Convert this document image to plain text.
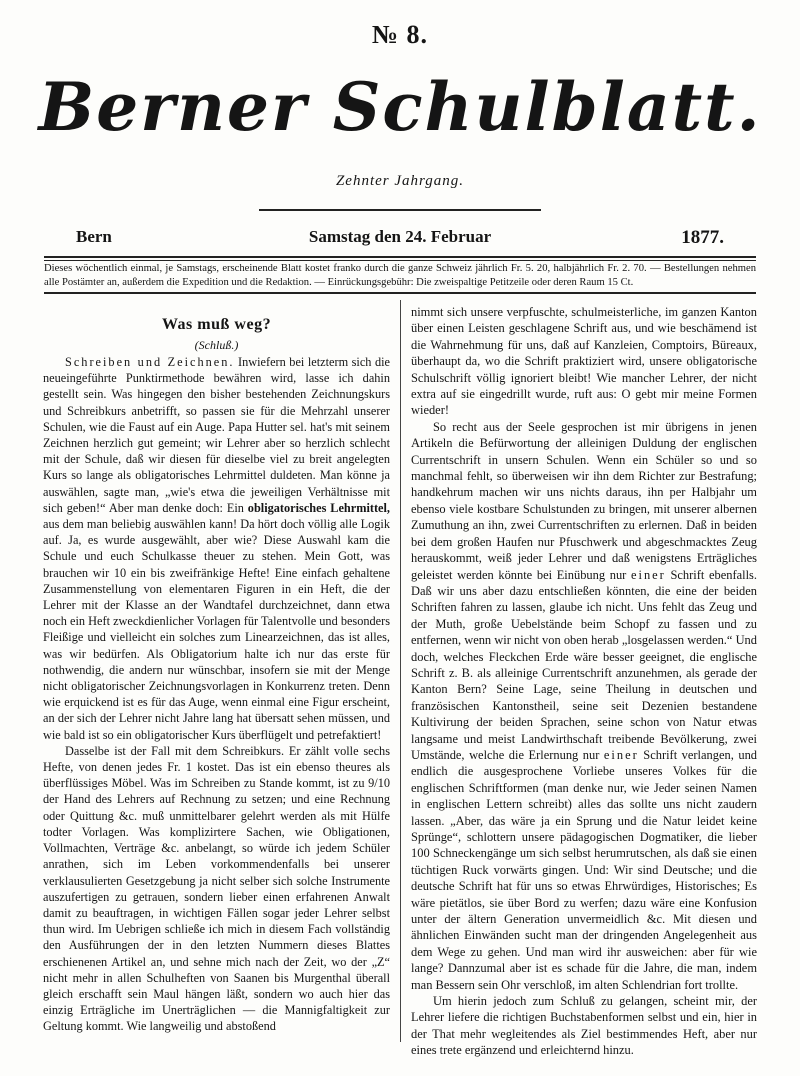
№ 8.
Berner Schulblatt.
Zehnter Jahrgang.
Bern	Samstag den 24. Februar	1877.
Dieses wöchentlich einmal, je Samstags, erscheinende Blatt kostet franko durch die ganze Schweiz jährlich Fr. 5. 20, halbjährlich Fr. 2. 70. — Bestellungen nehmen alle Postämter an, außerdem die Expedition und die Redaktion. — Einrückungsgebühr: Die zweispaltige Petitzeile oder deren Raum 15 Ct.
Was muß weg?
(Schluß.)

Schreiben und Zeichnen. Inwiefern bei letzterm sich die neueingeführte Punktirmethode bewähren wird, lasse ich dahin gestellt sein. Was hingegen den bisher bestehenden Zeichnungskurs und Schreibkurs anbetrifft, so passen sie für die Mehrzahl unserer Schulen, wie die Faust auf ein Auge. Papa Hutter sel. hat's mit seinem Zeichnen herzlich gut gemeint; wir Lehrer aber so herzlich schlecht mit der Schule, daß wir diesen für dieselbe viel zu breit angelegten Kurs so lange als obligatorisches Lehrmittel duldeten. Man könne ja auswählen, sagte man, „wie's etwa die jeweiligen Verhältnisse mit sich geben!“ Aber man denke doch: Ein obligatorisches Lehrmittel, aus dem man beliebig auswählen kann! Da hört doch völlig alle Logik auf. Ja, es wurde ausgewählt, aber wie? Diese Auswahl kam die Schule und euch Schulkasse theuer zu stehen. Mein Gott, was brauchen wir 10 ein bis zweifränkige Hefte! Eine einfach gehaltene Zusammenstellung von elementaren Figuren in ein Heft, die der Lehrer mit der Klasse an der Wandtafel durchzeichnet, dann etwa noch ein Heft zweckdienlicher Vorlagen für Talentvolle und besonders Fleißige und vielleicht ein solches zum Linearzeichnen, das ist alles, was wir bedürfen. Als Obligatorium halte ich nur das erste für nothwendig, die andern nur wünschbar, insofern sie mit der Menge nicht obligatorischer Zeichnungsvorlagen in Konkurrenz treten. Denn wie erquickend ist es für das Auge, wenn einmal eine Figur erscheint, an der sich der Lehrer nicht Jahre lang hat übersatt sehen müssen, und wie bald ist so ein obligatorischer Kurs überflügelt und petrefaktiert!

Dasselbe ist der Fall mit dem Schreibkurs. Er zählt volle sechs Hefte, von denen jedes Fr. 1 kostet. Das ist ein ebenso theures als überflüssiges Möbel. Was im Schreiben zu Stande kommt, ist zu 9/10 der Hand des Lehrers auf Rechnung zu setzen; und eine Rechnung oder Quittung &c. muß unmittelbarer gelehrt werden als mit Hülfe todter Vorlagen. Was komplizirtere Sachen, wie Obligationen, Vollmachten, Verträge &c. anbelangt, so würde ich jedem Schüler anrathen, sich im Leben vorkommendenfalls bei unserer verklausulierten Gesetzgebung ja nicht selber sich solche Instrumente auszufertigen zu getrauen, sondern lieber einen erfahrenen Anwalt damit zu beauftragen, in wichtigen Fällen sogar jeder Lehrer selbst thun wird. Im Uebrigen schließe ich mich in diesem Fach vollständig den Ausführungen der in den letzten Nummern dieses Blattes erschienenen Artikel an, und sehne mich nach der Zeit, wo der „Z“ nicht mehr in allen Schulheften von Saanen bis Murgenthal überall gleich erschafft sein Maul hängen läßt, sondern wo auch hier das einzig Erträgliche im Unerträglichen — die Mannigfaltigkeit zur Geltung kommt. Wie langweilig und abstoßend

nimmt sich unsere verpfuschte, schulmeisterliche, im ganzen Kanton über einen Leisten geschlagene Schrift aus, und wie beschämend ist die Wahrnehmung für uns, daß auf Kanzleien, Comptoirs, Büreaux, überhaupt da, wo die Schrift praktiziert wird, unsere obligatorische Schulschrift völlig ignoriert bleibt! Wie mancher Lehrer, der nicht extra auf sie eingedrillt wurde, ruft aus: O gebt mir meine Formen wieder!

So recht aus der Seele gesprochen ist mir übrigens in jenen Artikeln die Befürwortung der alleinigen Duldung der englischen Currentschrift in unsern Schulen. Wenn ein Schüler so und so manchmal fehlt, so überweisen wir ihn dem Richter zur Bestrafung; handkehrum machen wir uns nichts daraus, ihn per Halbjahr um ebenso viele kostbare Schulstunden zu bringen, mit unserer albernen Zumuthung an ihn, zwei Currentschriften zu erlernen. Daß in beiden bei dem großen Haufen nur Pfuschwerk und abgeschmacktes Zeug herauskommt, weiß jeder Lehrer und daß wenigstens Erträgliches geleistet werden könnte bei Einübung nur einer Schrift ebenfalls. Daß wir uns aber dazu entschließen könnten, die eine der beiden Schriften fahren zu lassen, glaube ich nicht. Uns fehlt das Zeug und der Muth, große Uebelstände beim Schopf zu fassen und zu entfernen, wenn wir nicht von oben herab „losgelassen werden.“ Und doch, welches Fleckchen Erde wäre besser geeignet, die englische Schrift z. B. als alleinige Currentschrift anzunehmen, als gerade der Kanton Bern? Seine Lage, seine Theilung in deutschen und französischen Kantonstheil, seine seit Dezenien bestandene Kultivirung der beiden Sprachen, seine schon von Natur etwas langsame und meist Landwirthschaft treibende Bevölkerung, zwei Umstände, welche die Erlernung nur einer Schrift verlangen, und endlich die ausgesprochene Vorliebe unseres Volkes für die englischen Schriftformen (man denke nur, wie Jeder seinen Namen in englischen Lettern schreibt) alles das sollte uns nicht zaudern lassen. „Aber, das wäre ja ein Sprung und die Natur leidet keine Sprünge“, schlottern unsere pädagogischen Dogmatiker, die lieber 100 Schneckengänge um sich selbst herumrutschen, als daß sie einen tüchtigen Ruck vorwärts gingen. Und: Wir sind Deutsche; und die deutsche Schrift hat für uns so etwas Ehrwürdiges, Historisches; Es wäre pietätlos, sie über Bord zu werfen; dazu wäre eine Konfusion unter der ältern Generation unvermeidlich &c. Mit diesen und ähnlichen Einwänden sucht man der dringenden Angelegenheit aus dem Wege zu gehen. Und man wird ihr ausweichen: aber für wie lange? Dannzumal aber ist es schade für die Jahre, die man, indem man Bessern sein Ohr verschloß, im alten Schlendrian fort trollte.

Um hierin jedoch zum Schluß zu gelangen, scheint mir, der Lehrer liefere die richtigen Buchstabenformen selbst und ein, hier in der That mehr wegleitendes als Ziel bestimmendes Heft, aber nur eines trete ergänzend und erleichternd hinzu.
